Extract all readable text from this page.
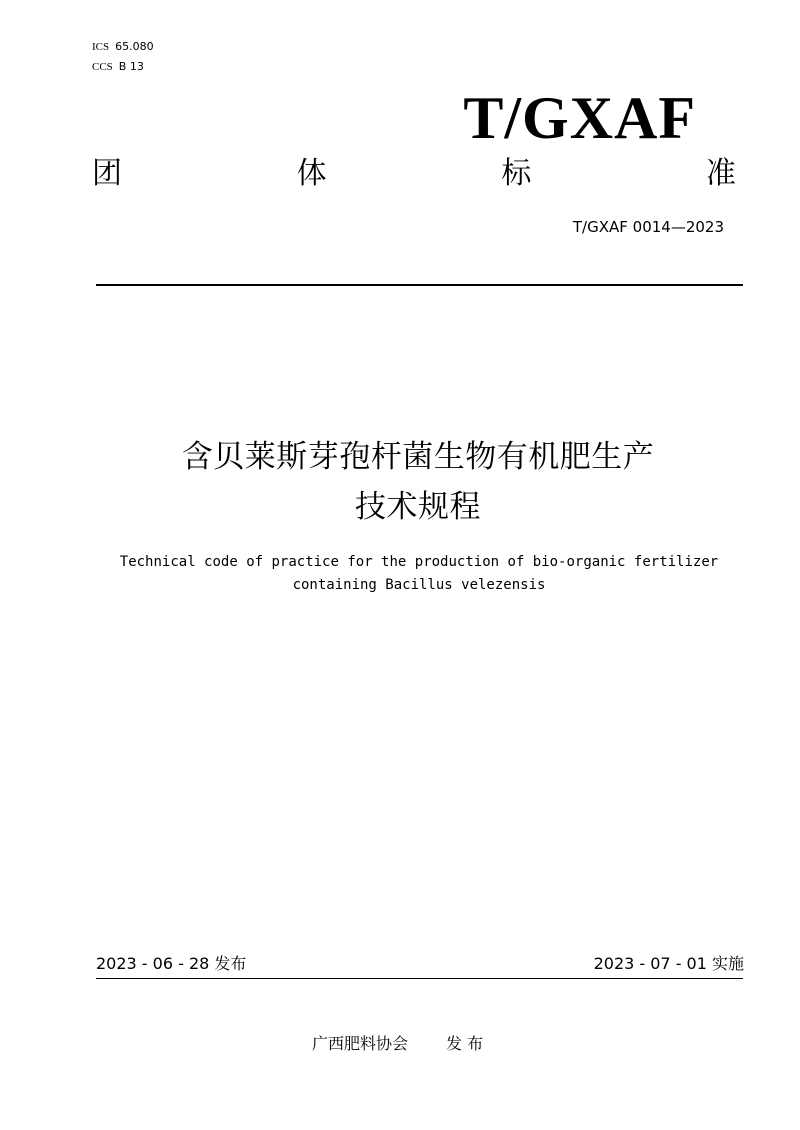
ICS 65.080
CCS B 13
T/GXAF
团	体	标	准
T/GXAF 0014—2023
含贝莱斯芽孢杆菌生物有机肥生产
技术规程
Technical code of practice for the production of bio-organic fertilizer
containing Bacillus velezensis
2023 - 06 - 28 发布	2023 - 07 - 01 实施
广西肥料协会 发 布
